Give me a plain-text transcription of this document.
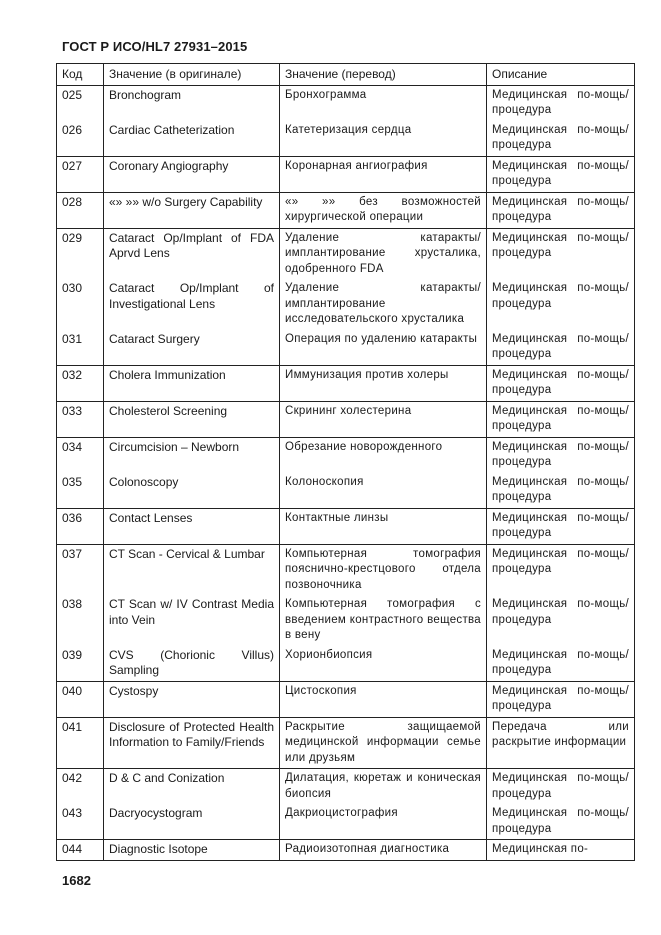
ГОСТ Р ИСО/HL7 27931–2015
Код	Значение (в оригинале)	Значение (перевод)	Описание
025	Bronchogram	Бронхограмма	Медицинская по-мощь/ процедура
026	Cardiac Catheterization	Катетеризация сердца	Медицинская по-мощь/ процедура
027	Coronary Angiography	Коронарная ангиография	Медицинская по-мощь/ процедура
028	«» »» w/o Surgery Capability	«» »» без возможностей хирургической операции	Медицинская по-мощь/ процедура
029	Cataract Op/Implant of FDA Aprvd Lens	Удаление катаракты/ имплантирование хрусталика, одобренного FDA	Медицинская по-мощь/ процедура
030	Cataract Op/Implant of Investigational Lens	Удаление катаракты/ имплантирование исследовательского хрусталика	Медицинская по-мощь/ процедура
031	Cataract Surgery	Операция по удалению катаракты	Медицинская по-мощь/ процедура
032	Cholera Immunization	Иммунизация против холеры	Медицинская по-мощь/ процедура
033	Cholesterol Screening	Скрининг холестерина	Медицинская по-мощь/ процедура
034	Circumcision – Newborn	Обрезание новорожденного	Медицинская по-мощь/ процедура
035	Colonoscopy	Колоноскопия	Медицинская по-мощь/ процедура
036	Contact Lenses	Контактные линзы	Медицинская по-мощь/ процедура
037	CT Scan - Cervical & Lumbar	Компьютерная томография пояснично-крестцового отдела позвоночника	Медицинская по-мощь/ процедура
038	CT Scan w/ IV Contrast Media into Vein	Компьютерная томография с введением контрастного вещества в вену	Медицинская по-мощь/ процедура
039	CVS (Chorionic Villus) Sampling	Хорионбиопсия	Медицинская по-мощь/ процедура
040	Cystospy	Цистоскопия	Медицинская по-мощь/ процедура
041	Disclosure of Protected Health Information to Family/Friends	Раскрытие защищаемой медицинской информации семье или друзьям	Передача или раскрытие информации
042	D & C and Conization	Дилатация, кюретаж и коническая биопсия	Медицинская по-мощь/ процедура
043	Dacryocystogram	Дакриоцистография	Медицинская по-мощь/ процедура
044	Diagnostic Isotope	Радиоизотопная диагностика	Медицинская по-
1682
